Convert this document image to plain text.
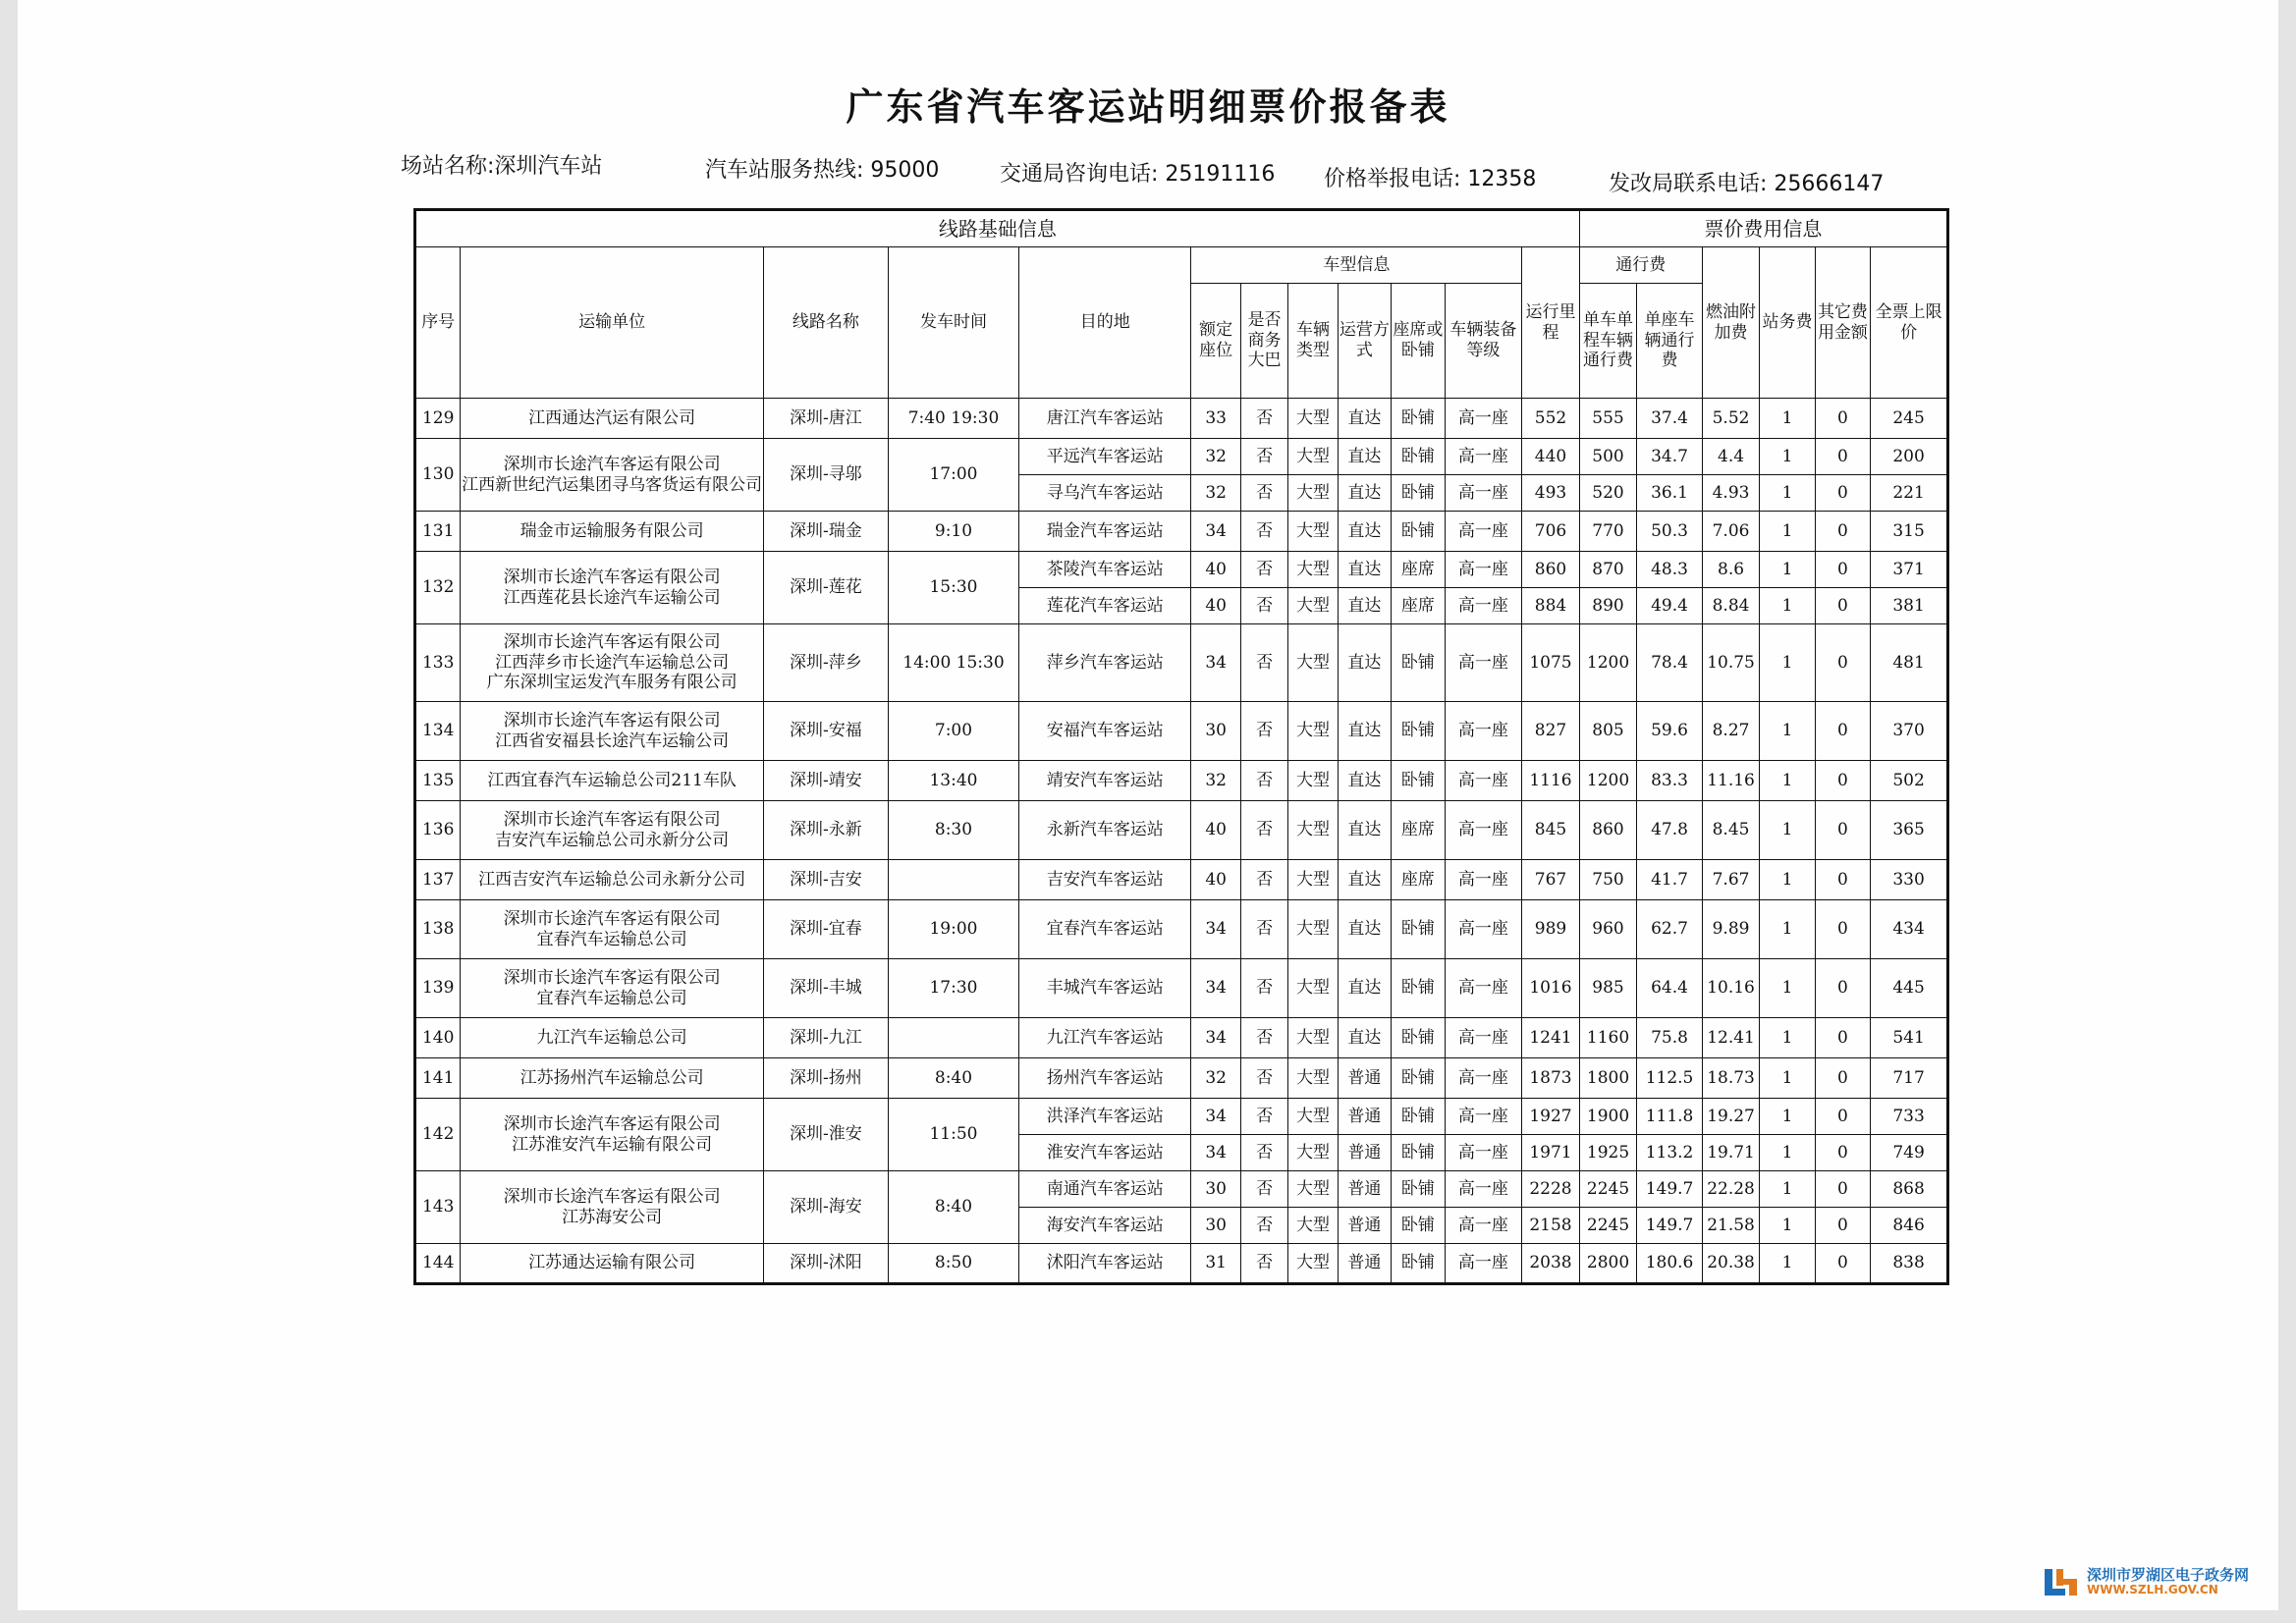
广东省汽车客运站明细票价报备表
场站名称:深圳汽车站	汽车站服务热线: 95000	交通局咨询电话: 25191116 价格举报电话: 12358	发改局联系电话: 25666147
线路基础信息												票价费用信息					
序号	运输单位	线路名称	发车时间	目的地	车型信息						运行里程	通行费		燃油附加费	站务费	其它费用金额	全票上限价
					额定座位	是否商务大巴	车辆类型	运营方式	座席或卧铺	车辆装备等级							
												单车单程车辆通行费	单座车辆通行费				
129	江西通达汽运有限公司	深圳-唐江	7:40 19:30	唐江汽车客运站	33	否	大型	直达	卧铺	高一座	552	555	37.4	5.52	1	0	245
130	深圳市长途汽车客运有限公司
江西新世纪汽运集团寻乌客货运有限公司	深圳-寻邬	17:00	平远汽车客运站	32	否	大型	直达	卧铺	高一座	440	500	34.7	4.4	1	0	200
				寻乌汽车客运站	32	否	大型	直达	卧铺	高一座	493	520	36.1	4.93	1	0	221
131	瑞金市运输服务有限公司	深圳-瑞金	9:10	瑞金汽车客运站	34	否	大型	直达	卧铺	高一座	706	770	50.3	7.06	1	0	315
132	深圳市长途汽车客运有限公司
江西莲花县长途汽车运输公司	深圳-莲花	15:30	茶陵汽车客运站	40	否	大型	直达	座席	高一座	860	870	48.3	8.6	1	0	371
				莲花汽车客运站	40	否	大型	直达	座席	高一座	884	890	49.4	8.84	1	0	381
133	深圳市长途汽车客运有限公司
江西萍乡市长途汽车运输总公司
广东深圳宝运发汽车服务有限公司	深圳-萍乡	14:00 15:30	萍乡汽车客运站	34	否	大型	直达	卧铺	高一座	1075	1200	78.4	10.75	1	0	481
134	深圳市长途汽车客运有限公司
江西省安福县长途汽车运输公司	深圳-安福	7:00	安福汽车客运站	30	否	大型	直达	卧铺	高一座	827	805	59.6	8.27	1	0	370
135	江西宜春汽车运输总公司211车队	深圳-靖安	13:40	靖安汽车客运站	32	否	大型	直达	卧铺	高一座	1116	1200	83.3	11.16	1	0	502
136	深圳市长途汽车客运有限公司
吉安汽车运输总公司永新分公司	深圳-永新	8:30	永新汽车客运站	40	否	大型	直达	座席	高一座	845	860	47.8	8.45	1	0	365
137	江西吉安汽车运输总公司永新分公司	深圳-吉安		吉安汽车客运站	40	否	大型	直达	座席	高一座	767	750	41.7	7.67	1	0	330
138	深圳市长途汽车客运有限公司
宜春汽车运输总公司	深圳-宜春	19:00	宜春汽车客运站	34	否	大型	直达	卧铺	高一座	989	960	62.7	9.89	1	0	434
139	深圳市长途汽车客运有限公司
宜春汽车运输总公司	深圳-丰城	17:30	丰城汽车客运站	34	否	大型	直达	卧铺	高一座	1016	985	64.4	10.16	1	0	445
140	九江汽车运输总公司	深圳-九江		九江汽车客运站	34	否	大型	直达	卧铺	高一座	1241	1160	75.8	12.41	1	0	541
141	江苏扬州汽车运输总公司	深圳-扬州	8:40	扬州汽车客运站	32	否	大型	普通	卧铺	高一座	1873	1800	112.5	18.73	1	0	717
142	深圳市长途汽车客运有限公司
江苏淮安汽车运输有限公司	深圳-淮安	11:50	洪泽汽车客运站	34	否	大型	普通	卧铺	高一座	1927	1900	111.8	19.27	1	0	733
				淮安汽车客运站	34	否	大型	普通	卧铺	高一座	1971	1925	113.2	19.71	1	0	749
143	深圳市长途汽车客运有限公司
江苏海安公司	深圳-海安	8:40	南通汽车客运站	30	否	大型	普通	卧铺	高一座	2228	2245	149.7	22.28	1	0	868
				海安汽车客运站	30	否	大型	普通	卧铺	高一座	2158	2245	149.7	21.58	1	0	846
144	江苏通达运输有限公司	深圳-沭阳	8:50	沭阳汽车客运站	31	否	大型	普通	卧铺	高一座	2038	2800	180.6	20.38	1	0	838
深圳市罗湖区电子政务网
WWW.SZLH.GOV.CN
